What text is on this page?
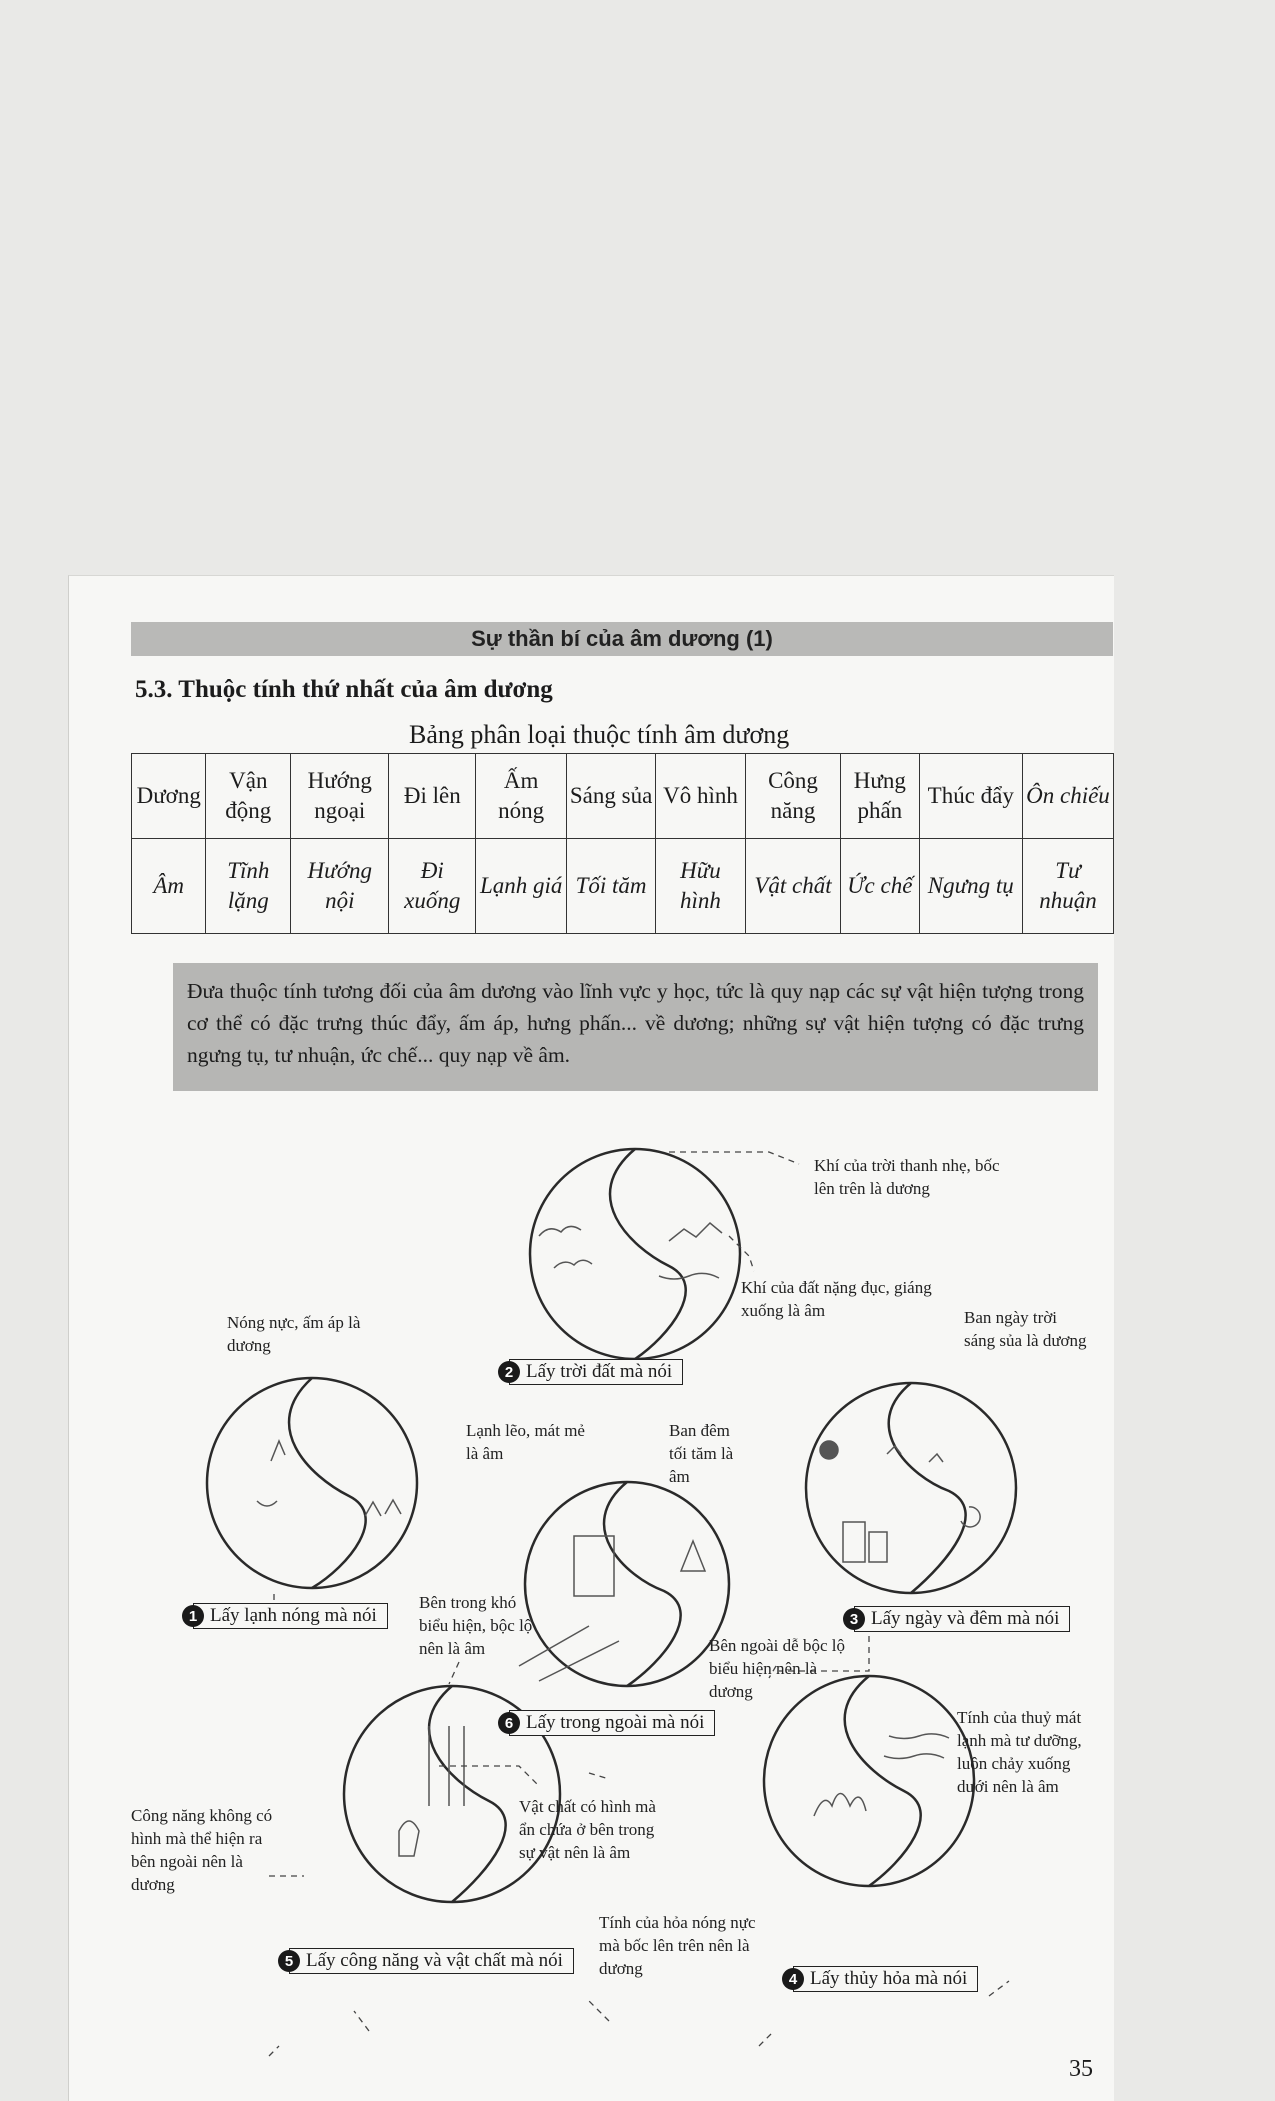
Sự thần bí của âm dương (1)
5.3. Thuộc tính thứ nhất của âm dương
Bảng phân loại thuộc tính âm dương
Dương	Vận động	Hướng ngoại	Đi lên	Ấm nóng	Sáng sủa	Vô hình	Công năng	Hưng phấn	Thúc đẩy	Ôn chiếu
Âm	Tĩnh lặng	Hướng nội	Đi xuống	Lạnh giá	Tối tăm	Hữu hình	Vật chất	Ức chế	Ngưng tụ	Tư nhuận
Đưa thuộc tính tương đối của âm dương vào lĩnh vực y học, tức là quy nạp các sự vật hiện tượng trong cơ thể có đặc trưng thúc đẩy, ấm áp, hưng phấn... về dương; những sự vật hiện tượng có đặc trưng ngưng tụ, tư nhuận, ức chế... quy nạp về âm.
Khí của trời thanh nhẹ, bốc lên trên là dương
Khí của đất nặng đục, giáng xuống là âm
2 Lấy trời đất mà nói
Nóng nực, ấm áp là dương
Lạnh lẽo, mát mẻ là âm
1 Lấy lạnh nóng mà nói
Ban ngày trời sáng sủa là dương
Ban đêm tối tăm là âm
3 Lấy ngày và đêm mà nói
Bên trong khó biểu hiện, bộc lộ nên là âm	Bên ngoài dễ bộc lộ biểu hiện nên là dương
6 Lấy trong ngoài mà nói
Công năng không có hình mà thể hiện ra bên ngoài nên là dương
Vật chất có hình mà ẩn chứa ở bên trong sự vật nên là âm
5 Lấy công năng và vật chất mà nói
Tính của thuỷ mát lạnh mà tư dưỡng, luôn chảy xuống dưới nên là âm
Tính của hỏa nóng nực mà bốc lên trên nên là dương
4 Lấy thủy hỏa mà nói
35
